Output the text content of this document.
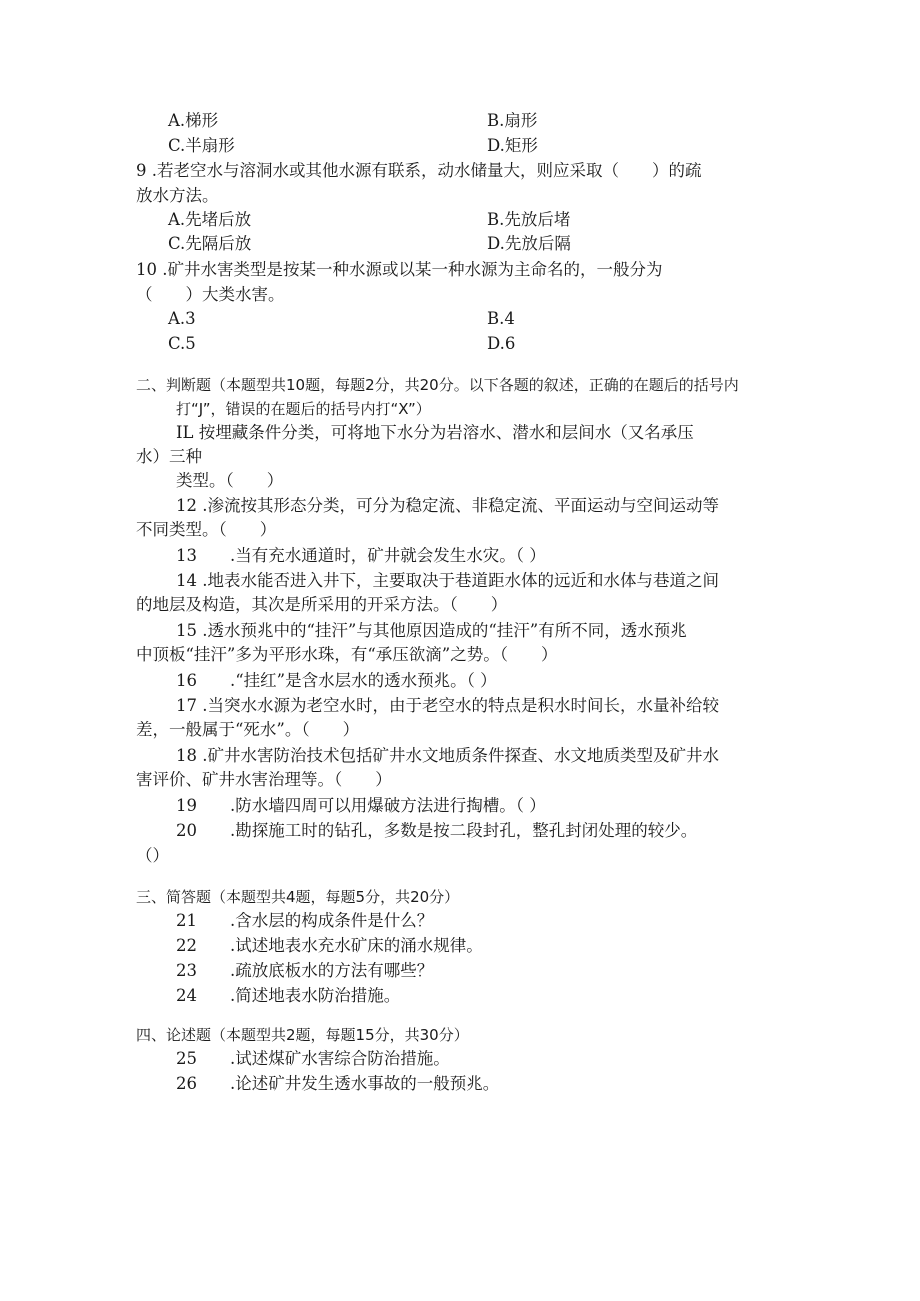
A.梯形	B.扇形
C.半扇形	D.矩形
9 .若老空水与溶洞水或其他水源有联系，动水储量大，则应采取（　　）的疏
放水方法。
A.先堵后放	B.先放后堵
C.先隔后放	D.先放后隔
10 .矿井水害类型是按某一种水源或以某一种水源为主命名的，一般分为
（　　）大类水害。
A.3	B.4
C.5	D.6
二、判断题（本题型共10题，每题2分，共20分。以下各题的叙述，正确的在题后的括号内
打“J”，错误的在题后的括号内打“X”）
IL 按埋藏条件分类，可将地下水分为岩溶水、潜水和层间水（又名承压
水）三种
类型。（　　）
12 .渗流按其形态分类，可分为稳定流、非稳定流、平面运动与空间运动等
不同类型。（　　）
13 .当有充水通道时，矿井就会发生水灾。（ ）
14 .地表水能否进入井下，主要取决于巷道距水体的远近和水体与巷道之间
的地层及构造，其次是所采用的开采方法。（　　）
15 .透水预兆中的“挂汗”与其他原因造成的“挂汗”有所不同，透水预兆
中顶板“挂汗”多为平形水珠，有“承压欲滴”之势。（　　）
16 .“挂红”是含水层水的透水预兆。（ ）
17 .当突水水源为老空水时，由于老空水的特点是积水时间长，水量补给较
差，一般属于“死水”。（　　）
18 .矿井水害防治技术包括矿井水文地质条件探查、水文地质类型及矿井水
害评价、矿井水害治理等。（　　）
19 .防水墙四周可以用爆破方法进行掏槽。（ ）
20 .勘探施工时的钻孔，多数是按二段封孔，整孔封闭处理的较少。
（）
三、简答题（本题型共4题，每题5分，共20分）
21 .含水层的构成条件是什么？
22 .试述地表水充水矿床的涌水规律。
23 .疏放底板水的方法有哪些？
24 .简述地表水防治措施。
四、论述题（本题型共2题，每题15分，共30分）
25 .试述煤矿水害综合防治措施。
26 .论述矿井发生透水事故的一般预兆。
